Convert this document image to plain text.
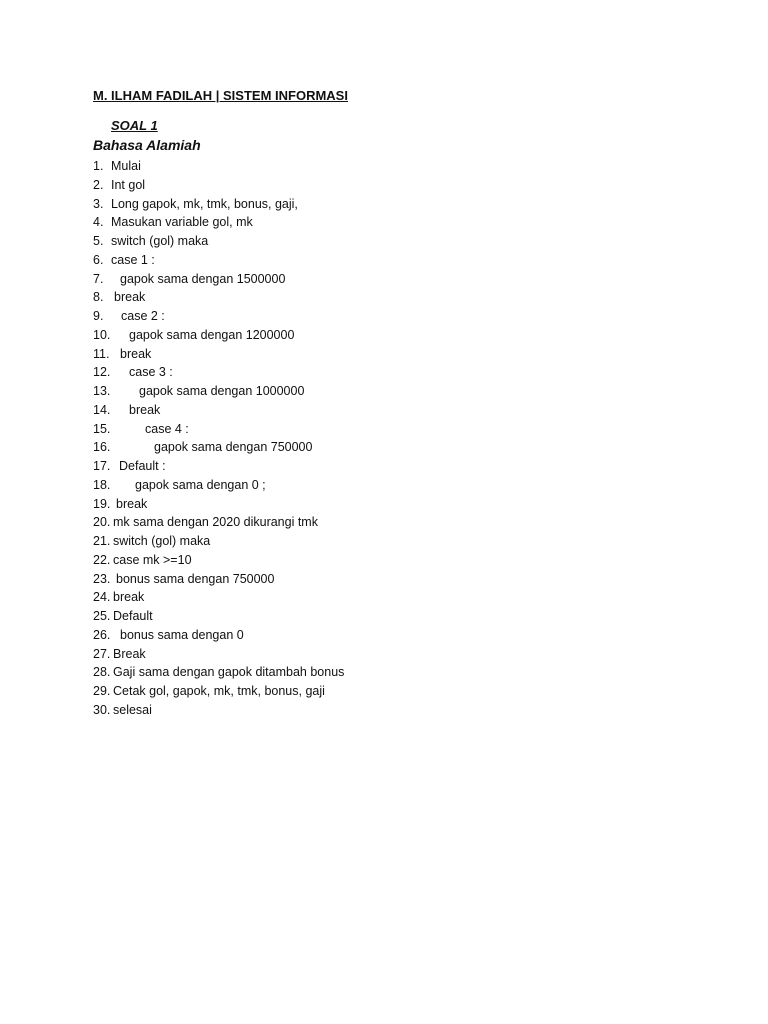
M. ILHAM FADILAH | SISTEM INFORMASI
SOAL 1
Bahasa Alamiah
1. Mulai
2. Int gol
3. Long gapok, mk, tmk, bonus, gaji,
4. Masukan variable gol, mk
5. switch (gol) maka
6. case 1 :
7. gapok sama dengan 1500000
8. break
9. case 2 :
10. gapok sama dengan 1200000
11. break
12. case 3 :
13. gapok sama dengan 1000000
14. break
15.	case 4 :
16.	gapok sama dengan 750000
17. Default :
18. gapok sama dengan 0 ;
19. break
20. mk sama dengan 2020 dikurangi tmk
21. switch (gol) maka
22. case mk >=10
23. bonus sama dengan 750000
24. break
25. Default
26. bonus sama dengan 0
27. Break
28. Gaji sama dengan gapok ditambah bonus
29. Cetak gol, gapok, mk, tmk, bonus, gaji
30. selesai
